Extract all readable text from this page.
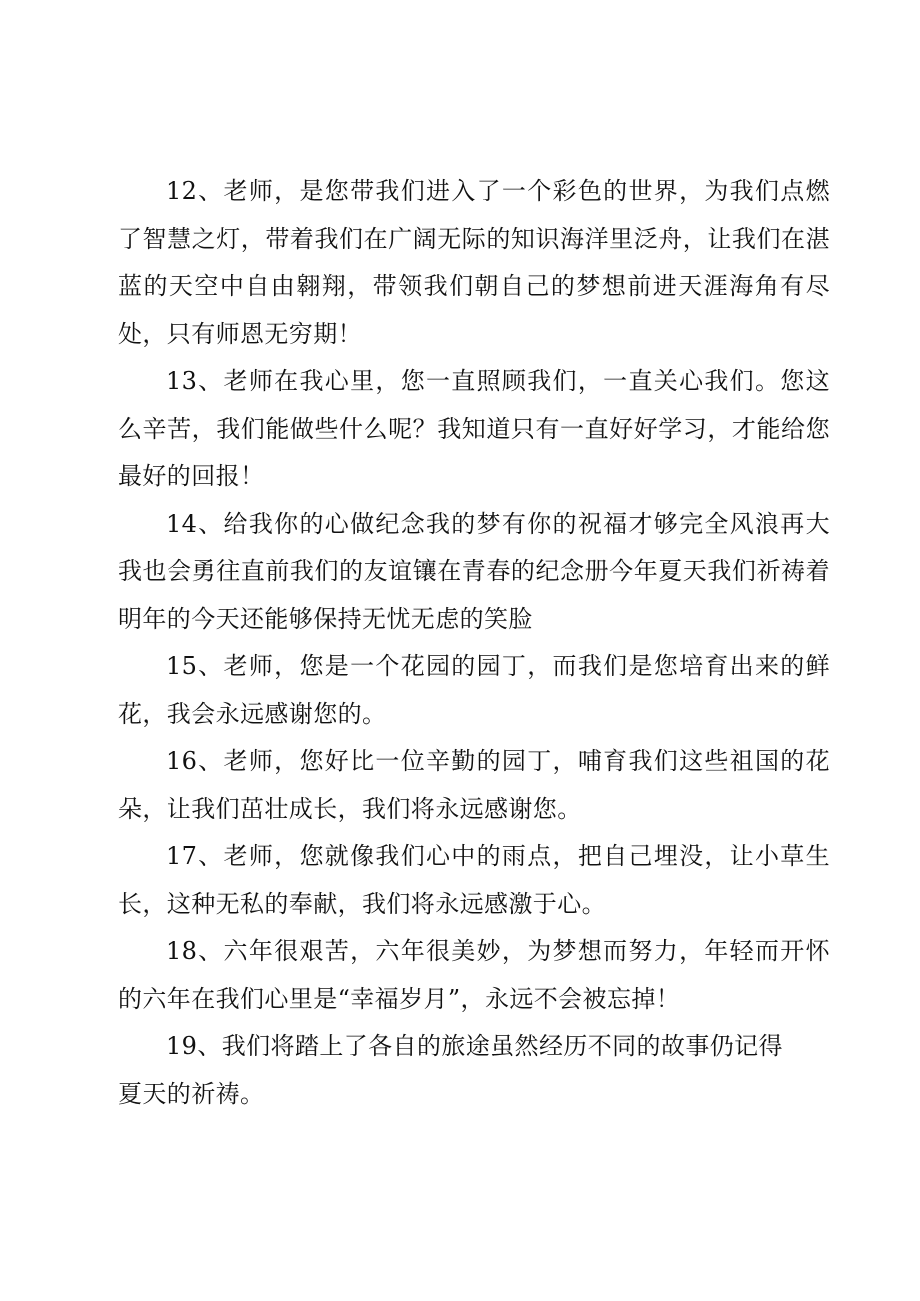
12、老师，是您带我们进入了一个彩色的世界，为我们点燃了智慧之灯，带着我们在广阔无际的知识海洋里泛舟，让我们在湛蓝的天空中自由翱翔，带领我们朝自己的梦想前进天涯海角有尽处，只有师恩无穷期！

13、老师在我心里，您一直照顾我们，一直关心我们。您这么辛苦，我们能做些什么呢？我知道只有一直好好学习，才能给您最好的回报！

14、给我你的心做纪念我的梦有你的祝福才够完全风浪再大我也会勇往直前我们的友谊镶在青春的纪念册今年夏天我们祈祷着明年的今天还能够保持无忧无虑的笑脸

15、老师，您是一个花园的园丁，而我们是您培育出来的鲜花，我会永远感谢您的。

16、老师，您好比一位辛勤的园丁，哺育我们这些祖国的花朵，让我们茁壮成长，我们将永远感谢您。

17、老师，您就像我们心中的雨点，把自己埋没，让小草生长，这种无私的奉献，我们将永远感激于心。

18、六年很艰苦，六年很美妙，为梦想而努力，年轻而开怀的六年在我们心里是“幸福岁月”，永远不会被忘掉！

19、我们将踏上了各自的旅途虽然经历不同的故事仍记得

夏天的祈祷。
